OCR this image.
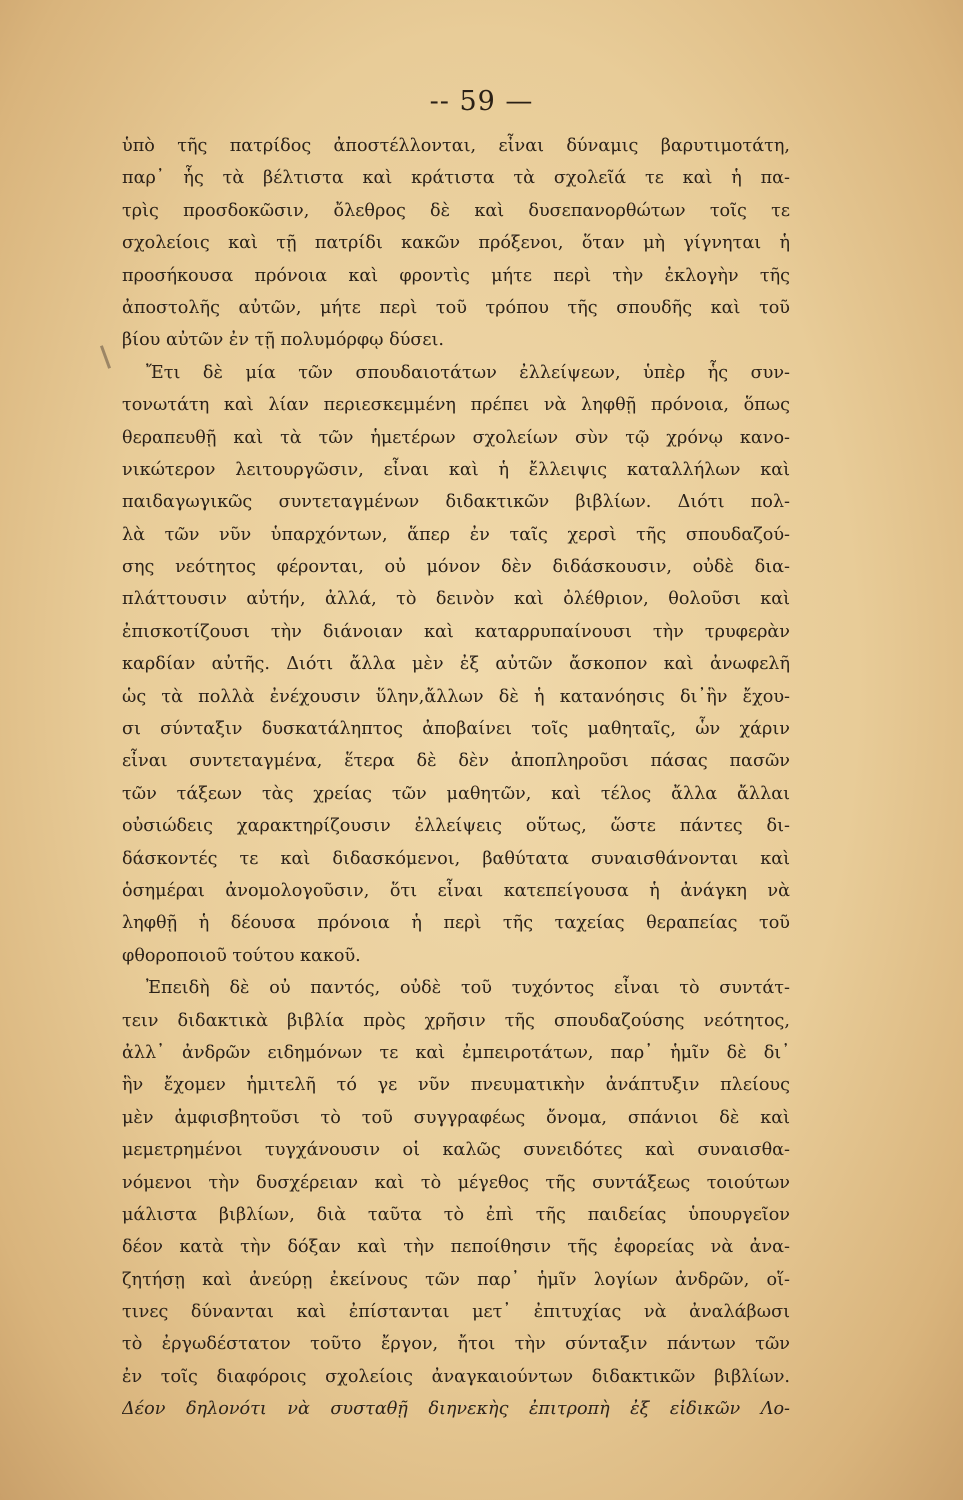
-- 59 —
ὑπὸ τῆς πατρίδος ἀποστέλλονται, εἶναι δύναμις βαρυτιμοτάτη,
παρ᾽ ἧς τὰ βέλτιστα καὶ κράτιστα τὰ σχολεῖά τε καὶ ἡ πα-
τρὶς προσδοκῶσιν, ὄλεθρος δὲ καὶ δυσεπανορθώτων τοῖς τε
σχολείοις καὶ τῇ πατρίδι κακῶν πρόξενοι, ὅταν μὴ γίγνηται ἡ
προσήκουσα πρόνοια καὶ φροντὶς μήτε περὶ τὴν ἐκλογὴν τῆς
ἀποστολῆς αὐτῶν, μήτε περὶ τοῦ τρόπου τῆς σπουδῆς καὶ τοῦ
βίου αὐτῶν ἐν τῇ πολυμόρφῳ δύσει.
Ἔτι δὲ μία τῶν σπουδαιοτάτων ἐλλείψεων, ὑπὲρ ἧς συν-
τονωτάτη καὶ λίαν περιεσκεμμένη πρέπει νὰ ληφθῇ πρόνοια, ὅπως
θεραπευθῇ καὶ τὰ τῶν ἡμετέρων σχολείων σὺν τῷ χρόνῳ κανο-
νικώτερον λειτουργῶσιν, εἶναι καὶ ἡ ἔλλειψις καταλλήλων καὶ
παιδαγωγικῶς συντεταγμένων διδακτικῶν βιβλίων. Διότι πολ-
λὰ τῶν νῦν ὑπαρχόντων, ἅπερ ἐν ταῖς χερσὶ τῆς σπουδαζού-
σης νεότητος φέρονται, οὐ μόνον δὲν διδάσκουσιν, οὐδὲ δια-
πλάττουσιν αὐτήν, ἀλλά, τὸ δεινὸν καὶ ὀλέθριον, θολοῦσι καὶ
ἐπισκοτίζουσι τὴν διάνοιαν καὶ καταρρυπαίνουσι τὴν τρυφερὰν
καρδίαν αὐτῆς. Διότι ἄλλα μὲν ἐξ αὐτῶν ἄσκοπον καὶ ἀνωφελῆ
ὡς τὰ πολλὰ ἐνέχουσιν ὕλην,ἄλλων δὲ ἡ κατανόησις δι᾽ἣν ἔχου-
σι σύνταξιν δυσκατάληπτος ἀποβαίνει τοῖς μαθηταῖς, ὧν χάριν
εἶναι συντεταγμένα, ἕτερα δὲ δὲν ἀποπληροῦσι πάσας πασῶν
τῶν τάξεων τὰς χρείας τῶν μαθητῶν, καὶ τέλος ἄλλα ἄλλαι
οὐσιώδεις χαρακτηρίζουσιν ἐλλείψεις οὕτως, ὥστε πάντες δι-
δάσκοντές τε καὶ διδασκόμενοι, βαθύτατα συναισθάνονται καὶ
ὁσημέραι ἀνομολογοῦσιν, ὅτι εἶναι κατεπείγουσα ἡ ἀνάγκη νὰ
ληφθῇ ἡ δέουσα πρόνοια ἡ περὶ τῆς ταχείας θεραπείας τοῦ
φθοροποιοῦ τούτου κακοῦ.
Ἐπειδὴ δὲ οὐ παντός, οὐδὲ τοῦ τυχόντος εἶναι τὸ συντάτ-
τειν διδακτικὰ βιβλία πρὸς χρῆσιν τῆς σπουδαζούσης νεότητος,
ἀλλ᾽ ἀνδρῶν ειδημόνων τε καὶ ἐμπειροτάτων, παρ᾽ ἡμῖν δὲ δι᾽
ἣν ἔχομεν ἡμιτελῆ τό γε νῦν πνευματικὴν ἀνάπτυξιν πλείους
μὲν ἀμφισβητοῦσι τὸ τοῦ συγγραφέως ὄνομα, σπάνιοι δὲ καὶ
μεμετρημένοι τυγχάνουσιν οἱ καλῶς συνειδότες καὶ συναισθα-
νόμενοι τὴν δυσχέρειαν καὶ τὸ μέγεθος τῆς συντάξεως τοιούτων
μάλιστα βιβλίων, διὰ ταῦτα τὸ ἐπὶ τῆς παιδείας ὑπουργεῖον
δέον κατὰ τὴν δόξαν καὶ τὴν πεποίθησιν τῆς ἐφορείας νὰ ἀνα-
ζητήσῃ καὶ ἀνεύρῃ ἐκείνους τῶν παρ᾽ ἡμῖν λογίων ἀνδρῶν, οἵ-
τινες δύνανται καὶ ἐπίστανται μετ᾽ ἐπιτυχίας νὰ ἀναλάβωσι
τὸ ἐργωδέστατον τοῦτο ἔργον, ἤτοι τὴν σύνταξιν πάντων τῶν
ἐν τοῖς διαφόροις σχολείοις ἀναγκαιούντων διδακτικῶν βιβλίων.
Δέον δηλονότι νὰ συσταθῇ διηνεκὴς ἐπιτροπὴ ἐξ εἰδικῶν Λο-
